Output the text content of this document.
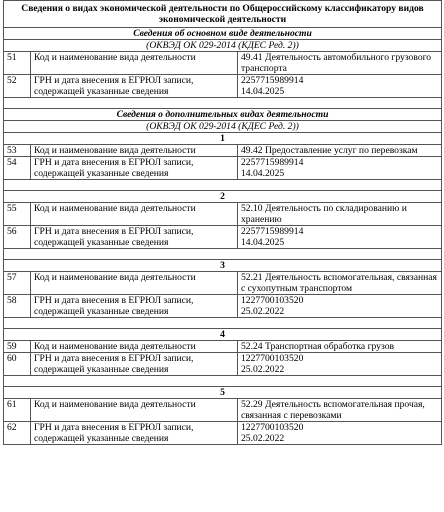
Сведения о видах экономической деятельности по Общероссийскому классификатору видов экономической деятельности		
Сведения об основном виде деятельности		
(ОКВЭД ОК 029-2014 (КДЕС Ред. 2))		
51	Код и наименование вида деятельности	49.41 Деятельность автомобильного грузового транспорта
52	ГРН и дата внесения в ЕГРЮЛ записи, содержащей указанные сведения	2257715989914
14.04.2025

Сведения о дополнительных видах деятельности		
(ОКВЭД ОК 029-2014 (КДЕС Ред. 2))		
1		
53	Код и наименование вида деятельности	49.42 Предоставление услуг по перевозкам
54	ГРН и дата внесения в ЕГРЮЛ записи, содержащей указанные сведения	2257715989914
14.04.2025

2		
55	Код и наименование вида деятельности	52.10 Деятельность по складированию и хранению
56	ГРН и дата внесения в ЕГРЮЛ записи, содержащей указанные сведения	2257715989914
14.04.2025

3		
57	Код и наименование вида деятельности	52.21 Деятельность вспомогательная, связанная с сухопутным транспортом
58	ГРН и дата внесения в ЕГРЮЛ записи, содержащей указанные сведения	1227700103520
25.02.2022

4		
59	Код и наименование вида деятельности	52.24 Транспортная обработка грузов
60	ГРН и дата внесения в ЕГРЮЛ записи, содержащей указанные сведения	1227700103520
25.02.2022

5		
61	Код и наименование вида деятельности	52.29 Деятельность вспомогательная прочая, связанная с перевозками
62	ГРН и дата внесения в ЕГРЮЛ записи, содержащей указанные сведения	1227700103520
25.02.2022
